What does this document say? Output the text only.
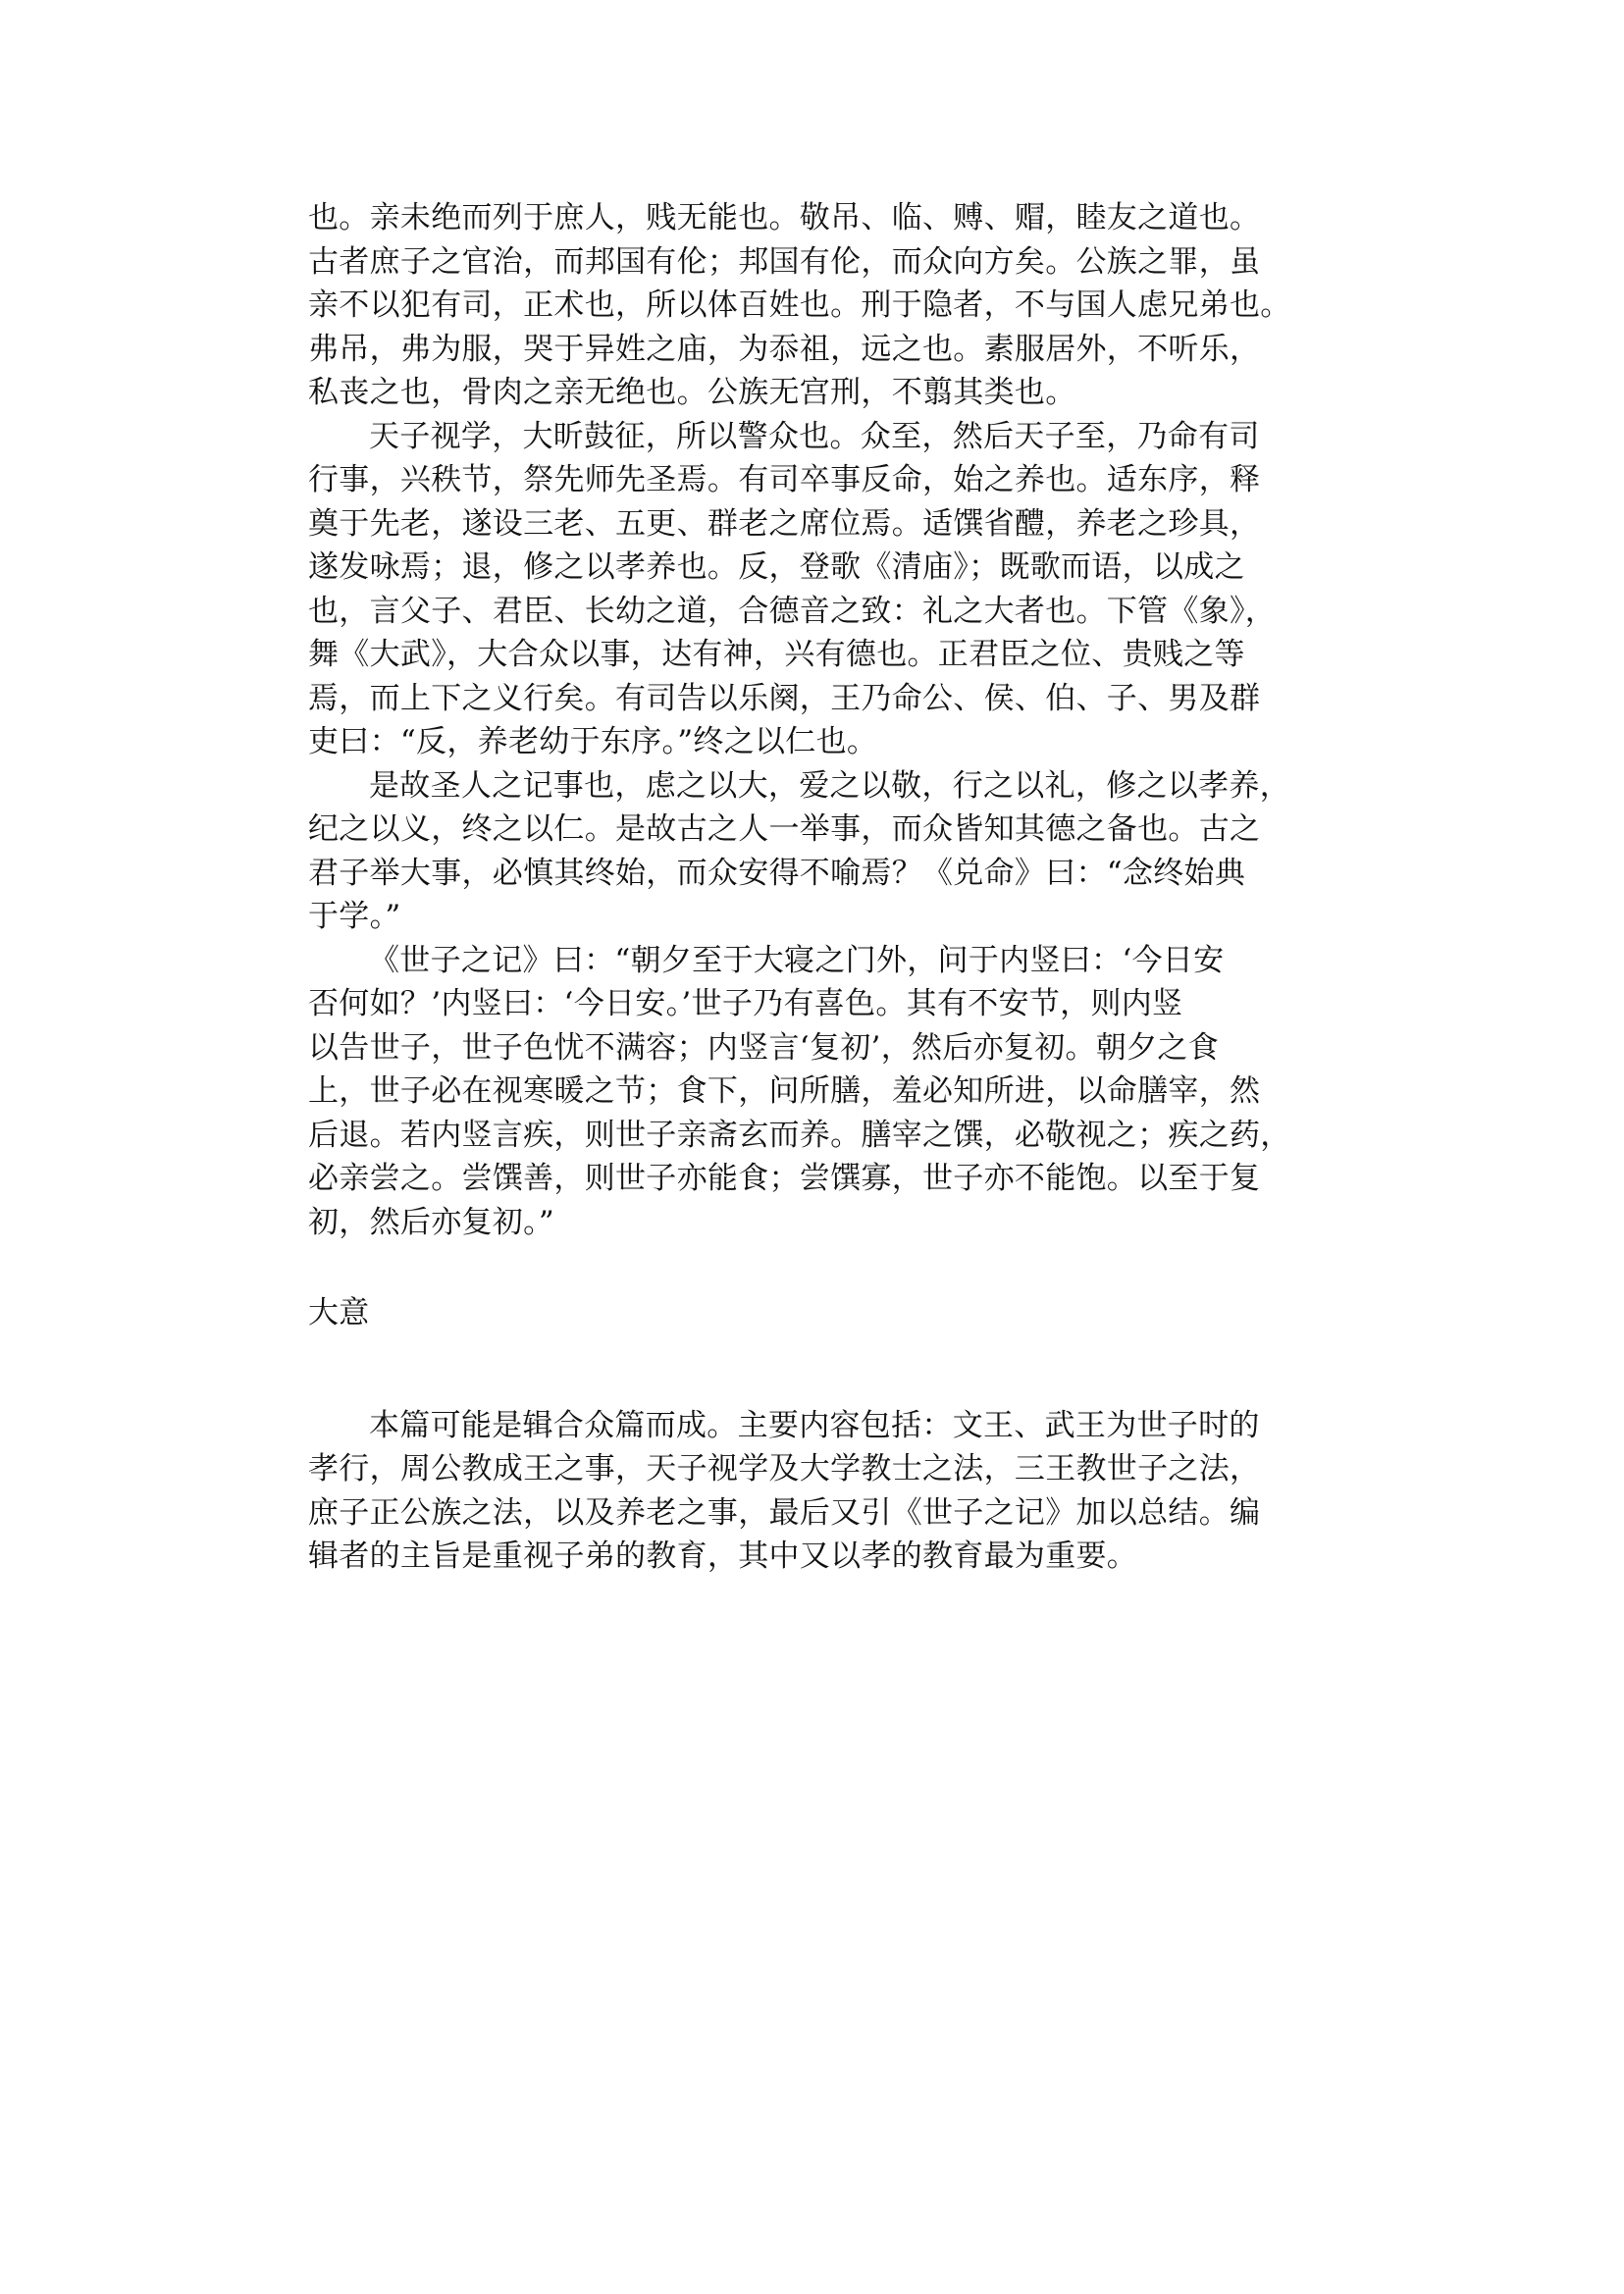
也。亲未绝而列于庶人，贱无能也。敬吊、临、赙、赗，睦友之道也。
古者庶子之官治，而邦国有伦；邦国有伦，而众向方矣。公族之罪，虽
亲不以犯有司，正术也，所以体百姓也。刑于隐者，不与国人虑兄弟也。
弗吊，弗为服，哭于异姓之庙，为忝祖，远之也。素服居外，不听乐，
私丧之也，骨肉之亲无绝也。公族无宫刑，不翦其类也。
天子视学，大昕鼓征，所以警众也。众至，然后天子至，乃命有司
行事，兴秩节，祭先师先圣焉。有司卒事反命，始之养也。适东序，释
奠于先老，遂设三老、五更、群老之席位焉。适馔省醴，养老之珍具，
遂发咏焉；退，修之以孝养也。反，登歌《清庙》；既歌而语，以成之
也，言父子、君臣、长幼之道，合德音之致：礼之大者也。下管《象》，
舞《大武》，大合众以事，达有神，兴有德也。正君臣之位、贵贱之等
焉，而上下之义行矣。有司告以乐阕，王乃命公、侯、伯、子、男及群
吏曰：“反，养老幼于东序。”终之以仁也。
是故圣人之记事也，虑之以大，爱之以敬，行之以礼，修之以孝养，
纪之以义，终之以仁。是故古之人一举事，而众皆知其德之备也。古之
君子举大事，必慎其终始，而众安得不喻焉？《兑命》曰：“念终始典
于学。”
《世子之记》曰：“朝夕至于大寝之门外，问于内竖曰：‘今日安
否何如？’内竖曰：‘今日安。’世子乃有喜色。其有不安节，则内竖
以告世子，世子色忧不满容；内竖言‘复初’，然后亦复初。朝夕之食
上，世子必在视寒暖之节；食下，问所膳，羞必知所进，以命膳宰，然
后退。若内竖言疾，则世子亲斋玄而养。膳宰之馔，必敬视之；疾之药，
必亲尝之。尝馔善，则世子亦能食；尝馔寡，世子亦不能饱。以至于复
初，然后亦复初。”
大意
本篇可能是辑合众篇而成。主要内容包括：文王、武王为世子时的
孝行，周公教成王之事，天子视学及大学教士之法，三王教世子之法，
庶子正公族之法，以及养老之事，最后又引《世子之记》加以总结。编
辑者的主旨是重视子弟的教育，其中又以孝的教育最为重要。
